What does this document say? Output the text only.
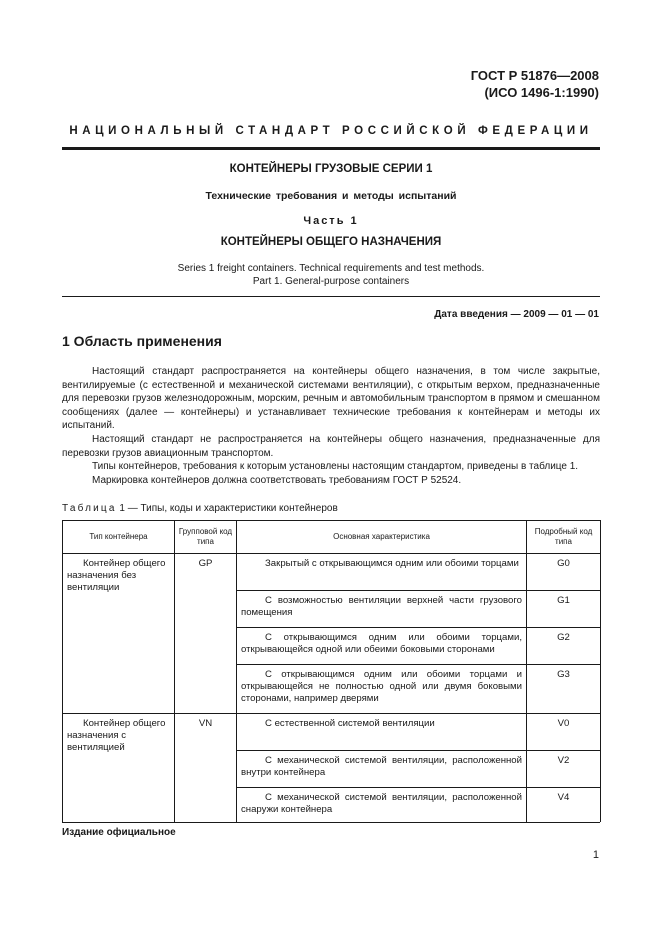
ГОСТ Р 51876—2008
(ИСО 1496-1:1990)
НАЦИОНАЛЬНЫЙ СТАНДАРТ РОССИЙСКОЙ ФЕДЕРАЦИИ
КОНТЕЙНЕРЫ ГРУЗОВЫЕ СЕРИИ 1
Технические требования и методы испытаний
Часть 1
КОНТЕЙНЕРЫ ОБЩЕГО НАЗНАЧЕНИЯ
Series 1 freight containers. Technical requirements and test methods.
Part 1. General-purpose containers
Дата введения — 2009 — 01 — 01
1 Область применения

Настоящий стандарт распространяется на контейнеры общего назначения, в том числе закрытые, вентилируемые (с естественной и механической системами вентиляции), с открытым верхом, предназначенные для перевозки грузов железнодорожным, морским, речным и автомобильным транспортом в прямом и смешанном сообщениях (далее — контейнеры) и устанавливает технические требования к контейнерам и методы их испытаний.

Настоящий стандарт не распространяется на контейнеры общего назначения, предназначенные для перевозки грузов авиационным транспортом.

Типы контейнеров, требования к которым установлены настоящим стандартом, приведены в таблице 1.

Маркировка контейнеров должна соответствовать требованиям ГОСТ Р 52524.

Таблица 1 — Типы, коды и характеристики контейнеров
Тип контейнера	Групповой код типа	Основная характеристика	Подробный код типа
Контейнер общего назначения без вентиляции	GP	Закрытый с открывающимся одним или обоими торцами	G0
		С возможностью вентиляции верхней части грузового помещения	G1
		С открывающимся одним или обоими торцами, открывающейся одной или обеими боковыми сторонами	G2
		С открывающимся одним или обоими торцами и открывающейся не полностью одной или двумя боковыми сторонами, например дверями	G3
Контейнер общего назначения с вентиляцией	VN	С естественной системой вентиляции	V0
		С механической системой вентиляции, расположенной внутри контейнера	V2
		С механической системой вентиляции, расположенной снаружи контейнера	V4
Издание официальное
1
